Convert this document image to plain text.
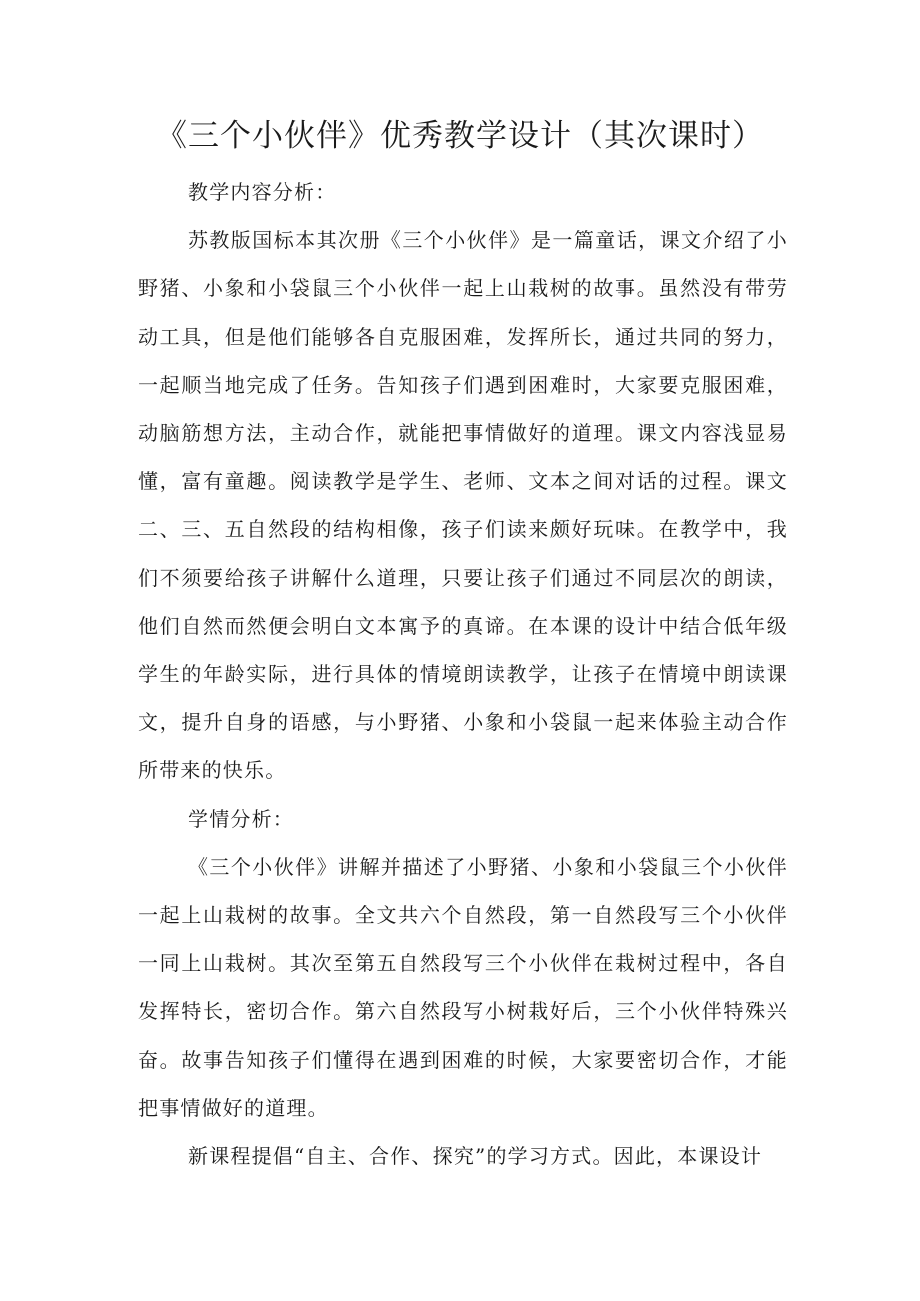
《三个小伙伴》优秀教学设计（其次课时）

教学内容分析：

苏教版国标本其次册《三个小伙伴》是一篇童话，课文介绍了小野猪、小象和小袋鼠三个小伙伴一起上山栽树的故事。虽然没有带劳动工具，但是他们能够各自克服困难，发挥所长，通过共同的努力，一起顺当地完成了任务。告知孩子们遇到困难时，大家要克服困难，动脑筋想方法，主动合作，就能把事情做好的道理。课文内容浅显易懂，富有童趣。阅读教学是学生、老师、文本之间对话的过程。课文二、三、五自然段的结构相像，孩子们读来颇好玩味。在教学中，我们不须要给孩子讲解什么道理，只要让孩子们通过不同层次的朗读，他们自然而然便会明白文本寓予的真谛。在本课的设计中结合低年级学生的年龄实际，进行具体的情境朗读教学，让孩子在情境中朗读课文，提升自身的语感，与小野猪、小象和小袋鼠一起来体验主动合作所带来的快乐。

学情分析：

《三个小伙伴》讲解并描述了小野猪、小象和小袋鼠三个小伙伴一起上山栽树的故事。全文共六个自然段，第一自然段写三个小伙伴一同上山栽树。其次至第五自然段写三个小伙伴在栽树过程中，各自发挥特长，密切合作。第六自然段写小树栽好后，三个小伙伴特殊兴奋。故事告知孩子们懂得在遇到困难的时候，大家要密切合作，才能把事情做好的道理。

新课程提倡“自主、合作、探究”的学习方式。因此，本课设计
